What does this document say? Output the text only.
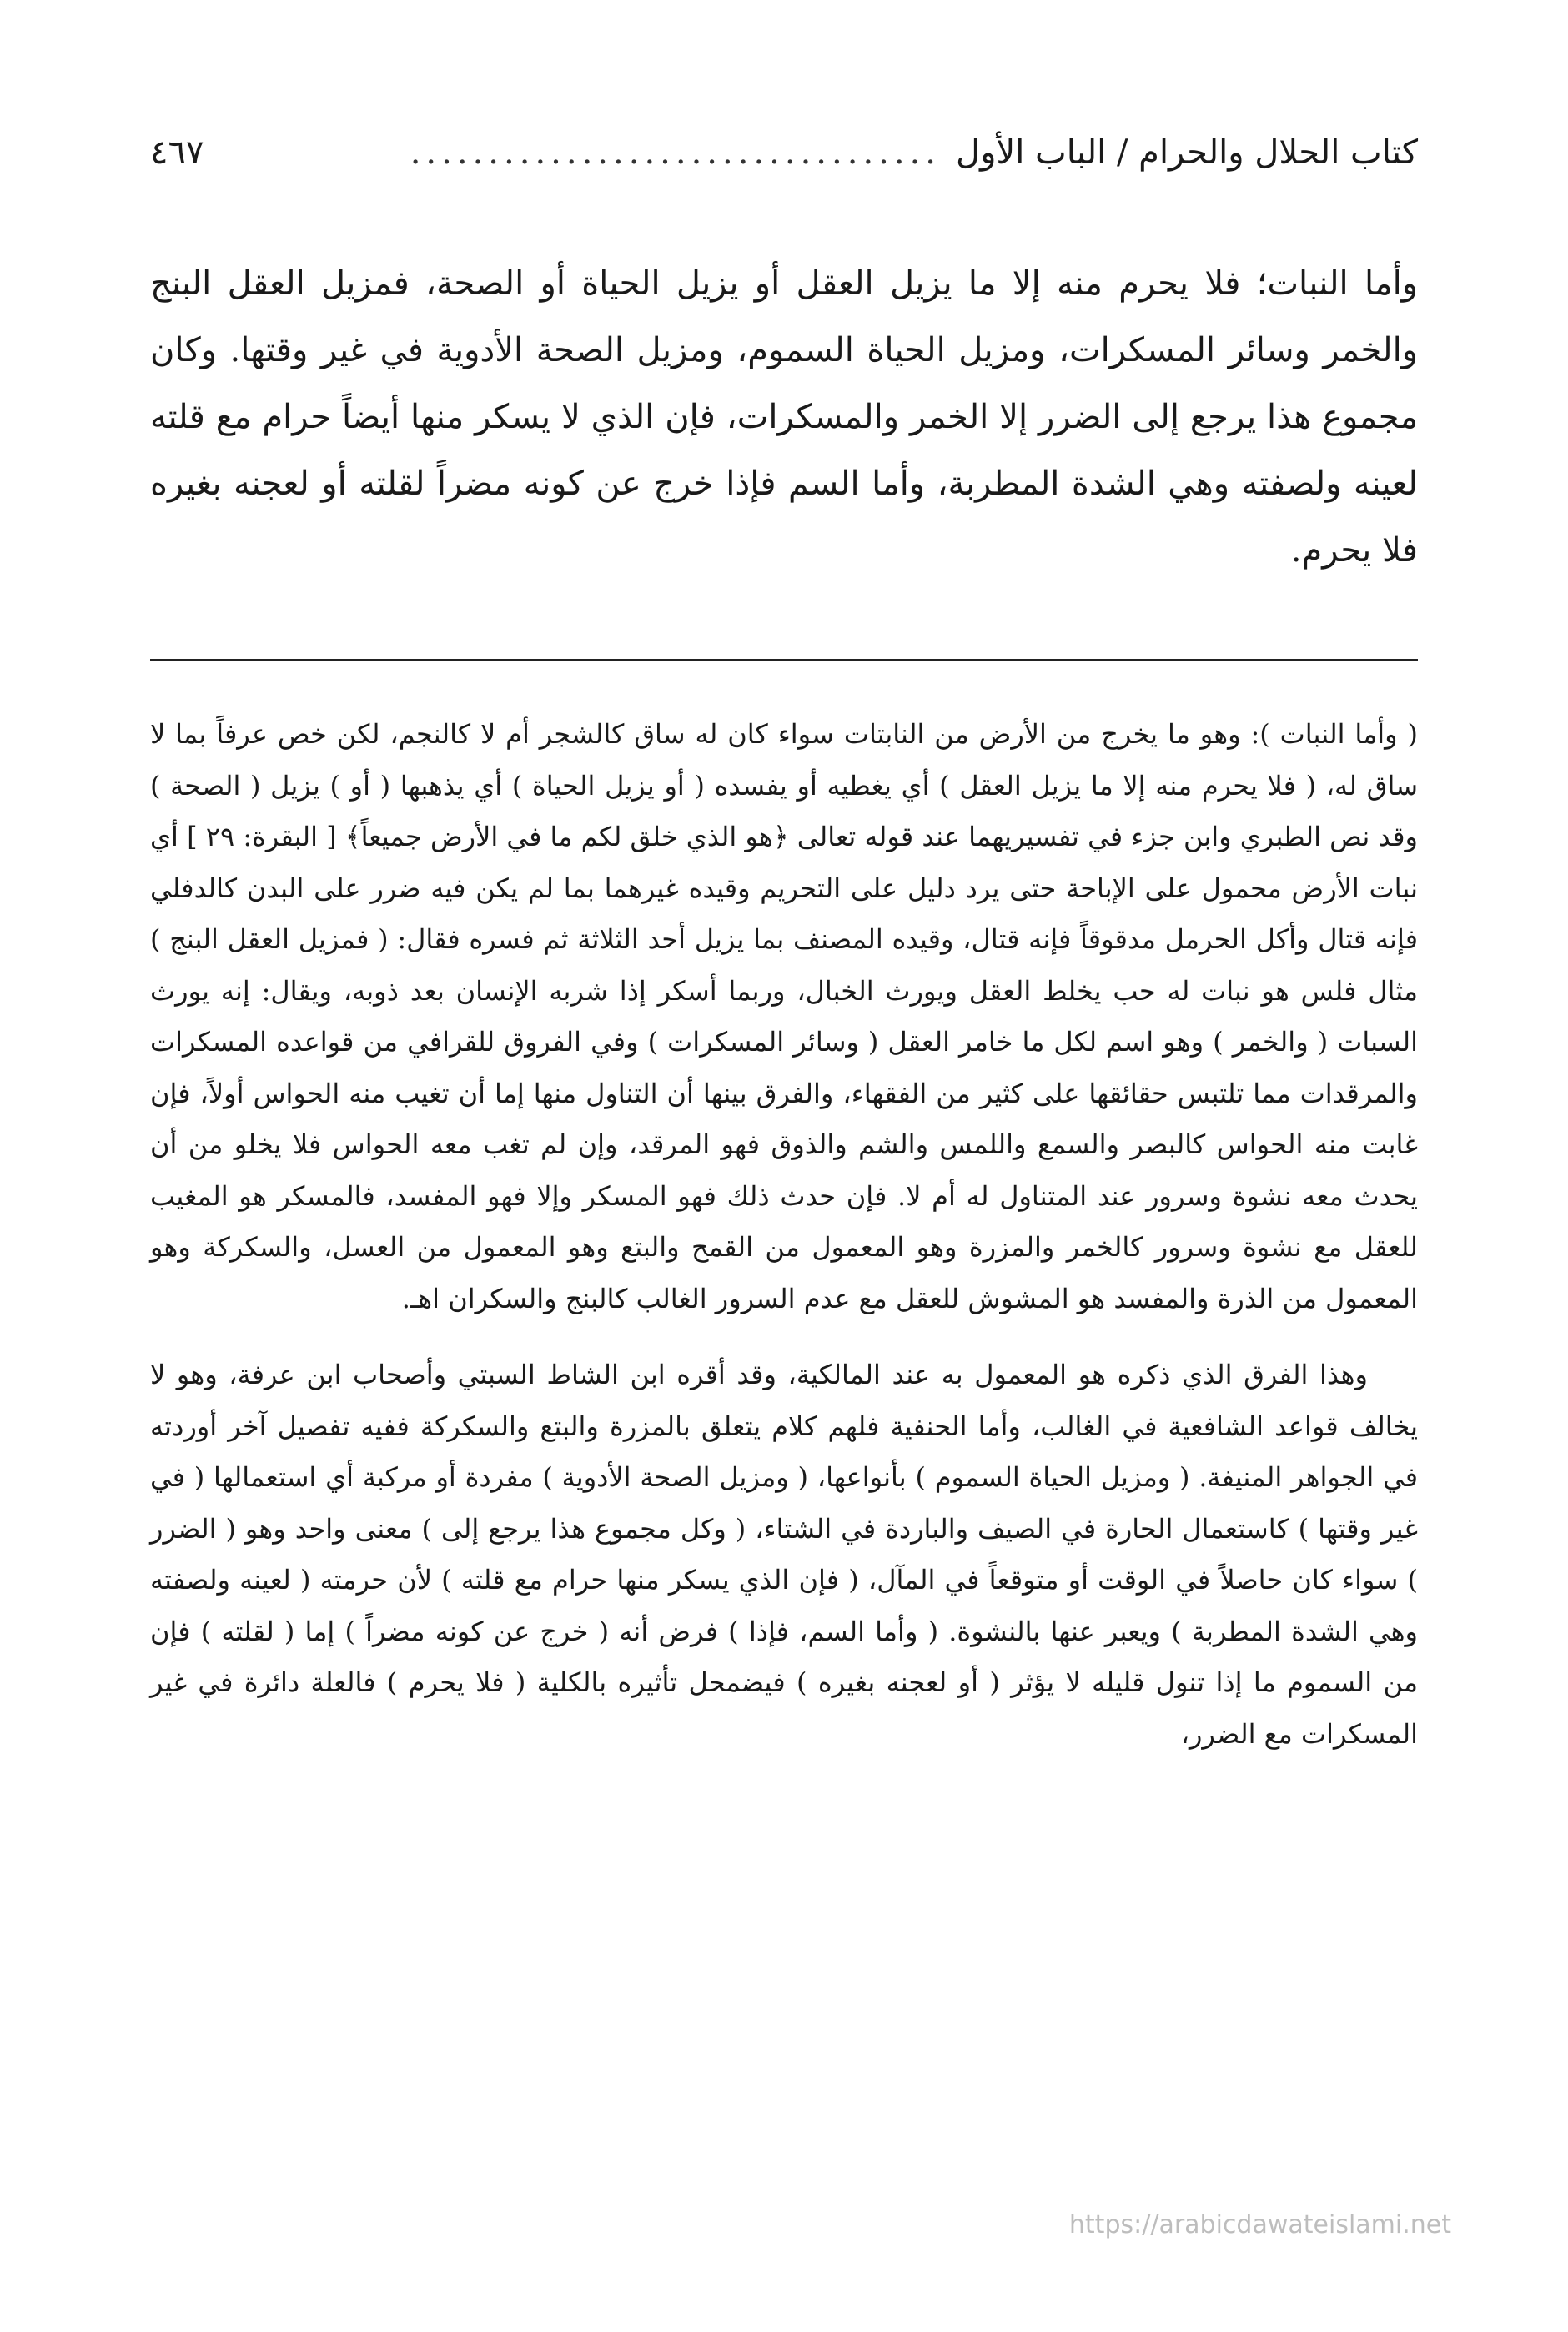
كتاب الحلال والحرام / الباب الأول
..................................
٤٦٧
وأما النبات؛ فلا يحرم منه إلا ما يزيل العقل أو يزيل الحياة أو الصحة، فمزيل العقل البنج والخمر وسائر المسكرات، ومزيل الحياة السموم، ومزيل الصحة الأدوية في غير وقتها. وكان مجموع هذا يرجع إلى الضرر إلا الخمر والمسكرات، فإن الذي لا يسكر منها أيضاً حرام مع قلته لعينه ولصفته وهي الشدة المطربة، وأما السم فإذا خرج عن كونه مضراً لقلته أو لعجنه بغيره فلا يحرم.

( وأما النبات ): وهو ما يخرج من الأرض من النابتات سواء كان له ساق كالشجر أم لا كالنجم، لكن خص عرفاً بما لا ساق له، ( فلا يحرم منه إلا ما يزيل العقل ) أي يغطيه أو يفسده ( أو يزيل الحياة ) أي يذهبها ( أو ) يزيل ( الصحة ) وقد نص الطبري وابن جزء في تفسيريهما عند قوله تعالى ﴿هو الذي خلق لكم ما في الأرض جميعاً﴾ [ البقرة: ٢٩ ] أي نبات الأرض محمول على الإباحة حتى يرد دليل على التحريم وقيده غيرهما بما لم يكن فيه ضرر على البدن كالدفلي فإنه قتال وأكل الحرمل مدقوقاً فإنه قتال، وقيده المصنف بما يزيل أحد الثلاثة ثم فسره فقال: ( فمزيل العقل البنج ) مثال فلس هو نبات له حب يخلط العقل ويورث الخبال، وربما أسكر إذا شربه الإنسان بعد ذوبه، ويقال: إنه يورث السبات ( والخمر ) وهو اسم لكل ما خامر العقل ( وسائر المسكرات ) وفي الفروق للقرافي من قواعده المسكرات والمرقدات مما تلتبس حقائقها على كثير من الفقهاء، والفرق بينها أن التناول منها إما أن تغيب منه الحواس أولاً، فإن غابت منه الحواس كالبصر والسمع واللمس والشم والذوق فهو المرقد، وإن لم تغب معه الحواس فلا يخلو من أن يحدث معه نشوة وسرور عند المتناول له أم لا. فإن حدث ذلك فهو المسكر وإلا فهو المفسد، فالمسكر هو المغيب للعقل مع نشوة وسرور كالخمر والمزرة وهو المعمول من القمح والبتع وهو المعمول من العسل، والسكركة وهو المعمول من الذرة والمفسد هو المشوش للعقل مع عدم السرور الغالب كالبنج والسكران اهـ.

وهذا الفرق الذي ذكره هو المعمول به عند المالكية، وقد أقره ابن الشاط السبتي وأصحاب ابن عرفة، وهو لا يخالف قواعد الشافعية في الغالب، وأما الحنفية فلهم كلام يتعلق بالمزرة والبتع والسكركة ففيه تفصيل آخر أوردته في الجواهر المنيفة. ( ومزيل الحياة السموم ) بأنواعها، ( ومزيل الصحة الأدوية ) مفردة أو مركبة أي استعمالها ( في غير وقتها ) كاستعمال الحارة في الصيف والباردة في الشتاء، ( وكل مجموع هذا يرجع إلى ) معنى واحد وهو ( الضرر ) سواء كان حاصلاً في الوقت أو متوقعاً في المآل، ( فإن الذي يسكر منها حرام مع قلته ) لأن حرمته ( لعينه ولصفته وهي الشدة المطربة ) ويعبر عنها بالنشوة. ( وأما السم، فإذا ) فرض أنه ( خرج عن كونه مضراً ) إما ( لقلته ) فإن من السموم ما إذا تنول قليله لا يؤثر ( أو لعجنه بغيره ) فيضمحل تأثيره بالكلية ( فلا يحرم ) فالعلة دائرة في غير المسكرات مع الضرر،

https://arabicdawateislami.net
